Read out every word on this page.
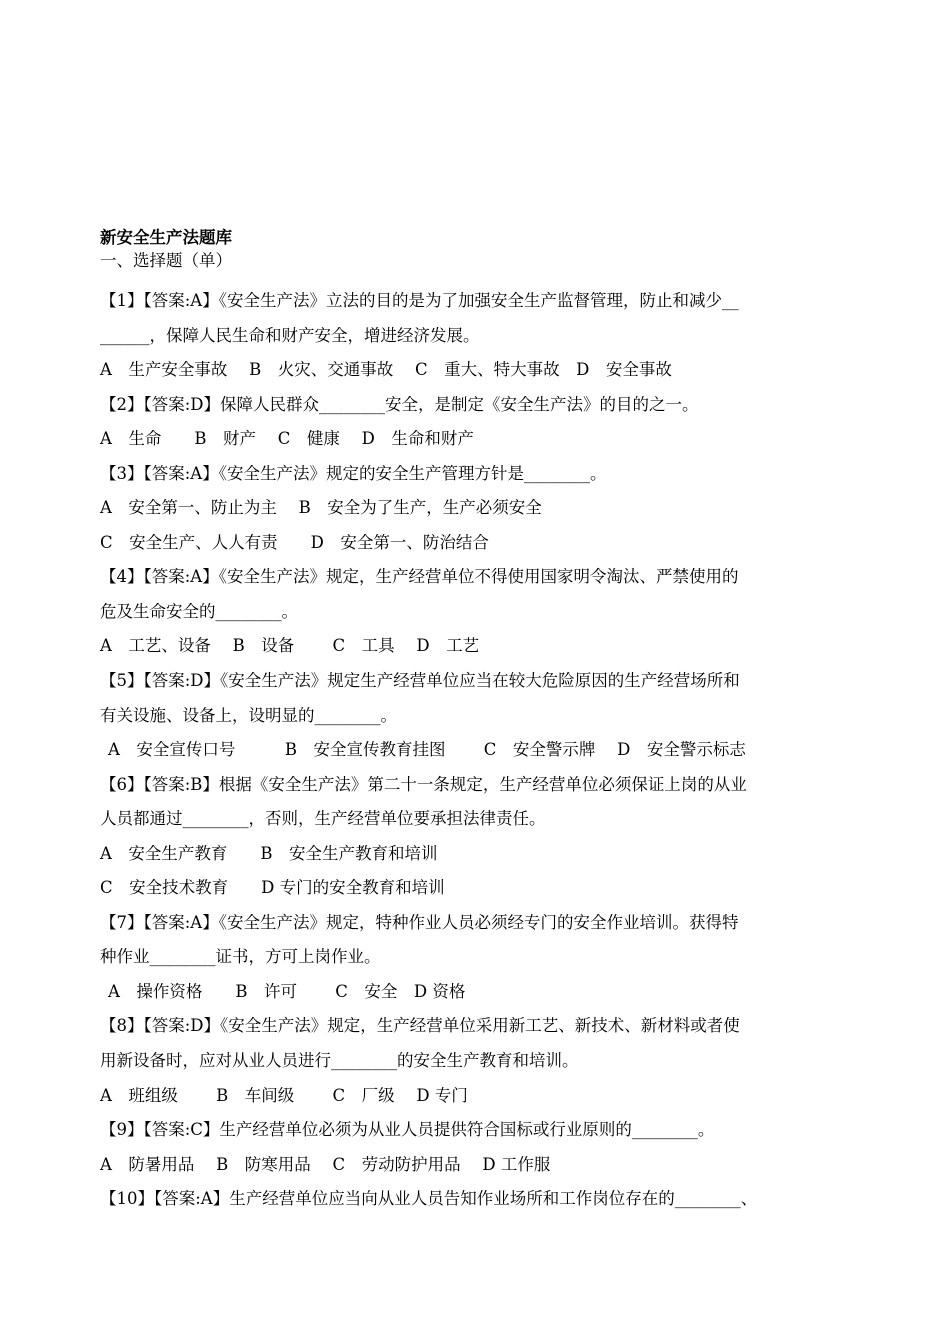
新安全生产法题库
一、选择题（单）
【1】【答案:A】《安全生产法》立法的目的是为了加强安全生产监督管理，防止和减少__
______，保障人民生命和财产安全，增进经济发展。
A　生产安全事故　 B　火灾、交通事故　 C　重大、特大事故　D　安全事故
【2】【答案:D】保障人民群众________安全，是制定《安全生产法》的目的之一。
A　生命　　B　财产　 C　健康　 D　生命和财产
【3】【答案:A】《安全生产法》规定的安全生产管理方针是________。
A　安全第一、防止为主　 B　安全为了生产，生产必须安全
C　安全生产、人人有责　　D　安全第一、防治结合
【4】【答案:A】《安全生产法》规定，生产经营单位不得使用国家明令淘汰、严禁使用的
危及生命安全的________。
A　工艺、设备　 B　设备　　 C　工具　 D　工艺
【5】【答案:D】《安全生产法》规定生产经营单位应当在较大危险原因的生产经营场所和
有关设施、设备上，设明显的________。
A　安全宣传口号　　　B　安全宣传教育挂图　　 C　安全警示牌　 D　安全警示标志
【6】【答案:B】根据《安全生产法》第二十一条规定，生产经营单位必须保证上岗的从业
人员都通过________，否则，生产经营单位要承担法律责任。
A　安全生产教育　　B　安全生产教育和培训
C　安全技术教育　　D 专门的安全教育和培训
【7】【答案:A】《安全生产法》规定，特种作业人员必须经专门的安全作业培训。获得特
种作业________证书，方可上岗作业。
A　操作资格　　B　许可　　 C　安全　D 资格
【8】【答案:D】《安全生产法》规定，生产经营单位采用新工艺、新技术、新材料或者使
用新设备时，应对从业人员进行________的安全生产教育和培训。
A　班组级　　 B　车间级　　 C　厂级　 D 专门
【9】【答案:C】生产经营单位必须为从业人员提供符合国标或行业原则的________。
A　防暑用品　 B　防寒用品　 C　劳动防护用品　 D 工作服
【10】【答案:A】生产经营单位应当向从业人员告知作业场所和工作岗位存在的________、
